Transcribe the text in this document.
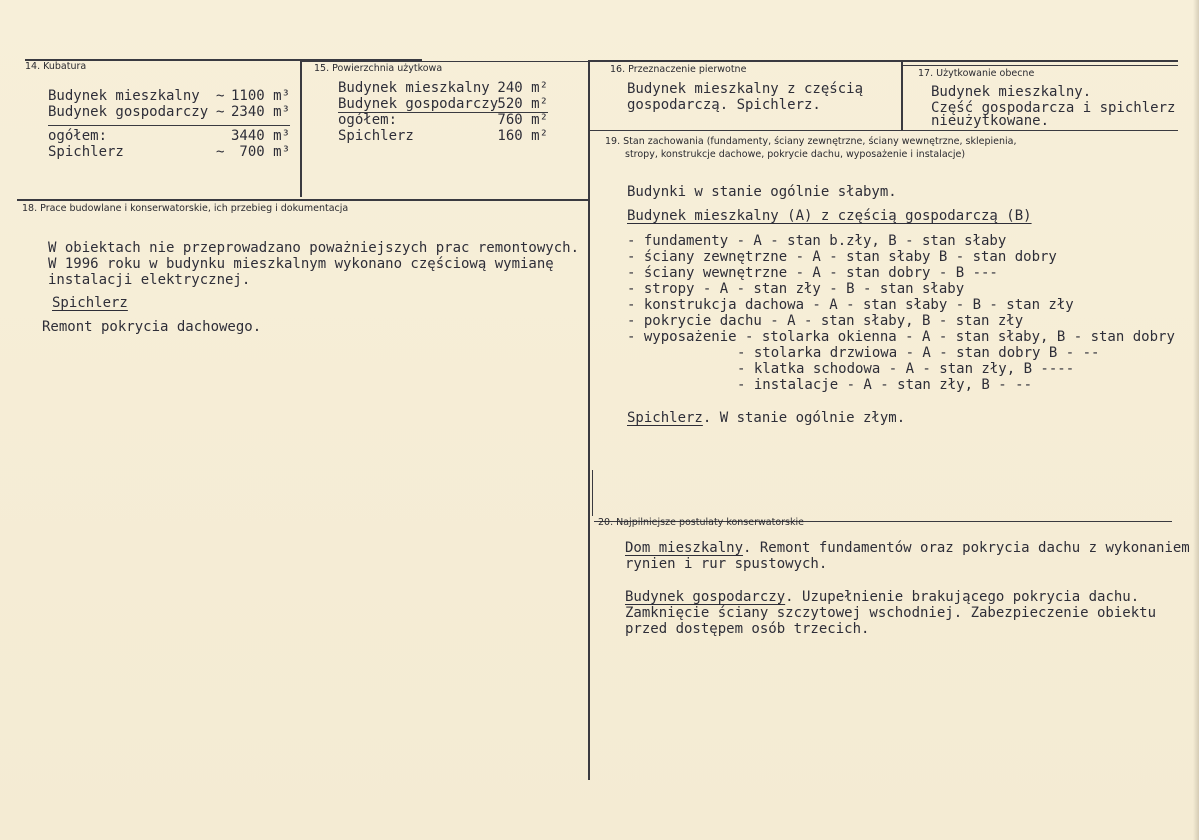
14. Kubatura
Budynek mieszkalny ~ 1100 m³
Budynek gospodarczy ~ 2340 m³
ogółem:	3440 m³
Spichlerz	~	700 m³
15. Powierzchnia użytkowa
Budynek mieszkalny 240 m²
Budynek gospodarczy 520 m²
ogółem:	760 m²
Spichlerz	160 m²
16. Przeznaczenie pierwotne
Budynek mieszkalny z częścią
gospodarczą. Spichlerz.
17. Użytkowanie obecne
Budynek mieszkalny.
Część gospodarcza i spichlerz
nieużytkowane.
19. Stan zachowania (fundamenty, ściany zewnętrzne, ściany wewnętrzne, sklepienia,
stropy, konstrukcje dachowe, pokrycie dachu, wyposażenie i instalacje)
Budynki w stanie ogólnie słabym.
Budynek mieszkalny (A) z częścią gospodarczą (B)
- fundamenty - A - stan b.zły, B - stan słaby
- ściany zewnętrzne - A - stan słaby B - stan dobry
- ściany wewnętrzne - A - stan dobry - B ---
- stropy - A - stan zły - B - stan słaby
- konstrukcja dachowa - A - stan słaby - B - stan zły
- pokrycie dachu - A - stan słaby, B - stan zły
- wyposażenie - stolarka okienna - A - stan słaby, B - stan dobry
- stolarka drzwiowa - A - stan dobry B - --
- klatka schodowa - A - stan zły, B ----
- instalacje - A - stan zły, B - --
Spichlerz. W stanie ogólnie złym.
18. Prace budowlane i konserwatorskie, ich przebieg i dokumentacja
W obiektach nie przeprowadzano poważniejszych prac remontowych.
W 1996 roku w budynku mieszkalnym wykonano częściową wymianę
instalacji elektrycznej.
Spichlerz
Remont pokrycia dachowego.
20. Najpilniejsze postulaty konserwatorskie
Dom mieszkalny. Remont fundamentów oraz pokrycia dachu z wykonaniem
rynien i rur spustowych.
Budynek gospodarczy. Uzupełnienie brakującego pokrycia dachu.
Zamknięcie ściany szczytowej wschodniej. Zabezpieczenie obiektu
przed dostępem osób trzecich.
